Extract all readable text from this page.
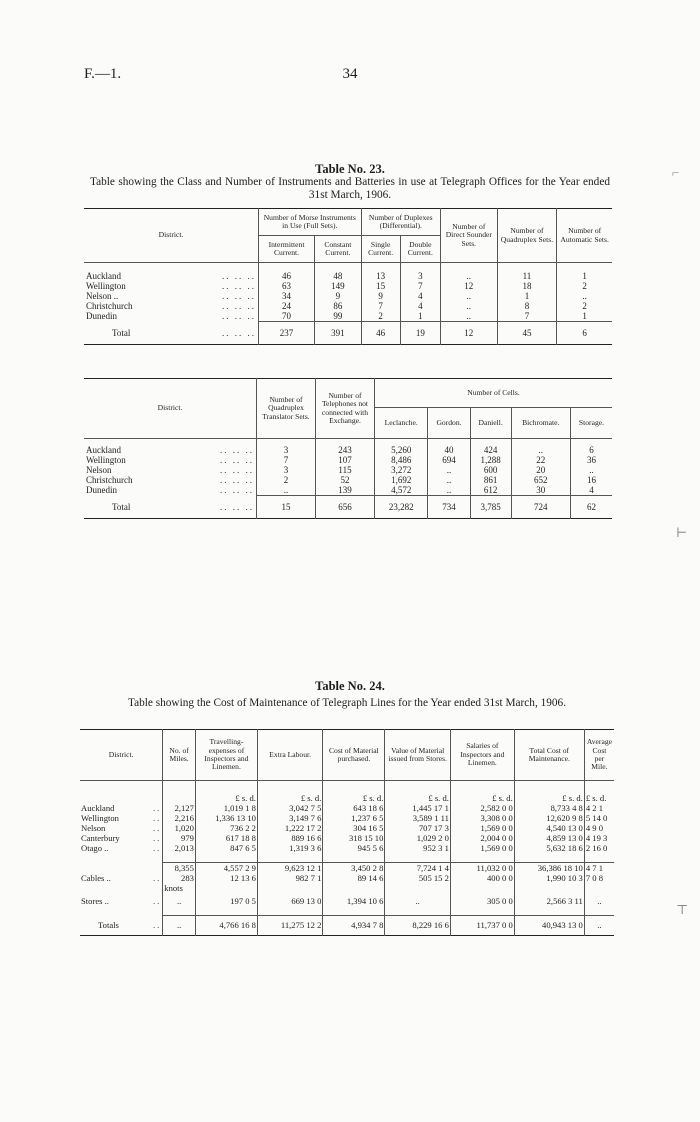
F.—1.	34
Table No. 23.
Table showing the Class and Number of Instruments and Batteries in use at Telegraph Offices for the Year ended 31st March, 1906.
District.	Number of Morse Instruments in Use (Full Sets).		Number of Duplexes (Differential).		Number of Direct Sounder Sets.	Number of Quadruplex Sets.	Number of Automatic Sets.
	Intermittent Current.	Constant Current.	Single Current.	Double Current.			

Auckland .. .. ..	46	48	13	3	..	11	1
Wellington .. .. ..	63	149	15	7	12	18	2
Nelson .. .. .. ..	34	9	9	4	..	1	..
Christchurch .. .. ..	24	86	7	4	..	8	2
Dunedin .. .. ..	70	99	2	1	..	7	1
Total .. .. ..	237	391	46	19	12	45	6
District.	Number of Quadruplex Translator Sets.	Number of Telephones not connected with Exchange.	Number of Cells.				
			Leclanche.	Gordon.	Daniell.	Bichromate.	Storage.

Auckland .. .. ..	3	243	5,260	40	424	..	6
Wellington .. .. ..	7	107	8,486	694	1,288	22	36
Nelson .. .. ..	3	115	3,272	..	600	20	..
Christchurch .. .. ..	2	52	1,692	..	861	652	16
Dunedin .. .. ..	..	139	4,572	..	612	30	4
Total .. .. ..	15	656	23,282	734	3,785	724	62
Table No. 24.
Table showing the Cost of Maintenance of Telegraph Lines for the Year ended 31st March, 1906.
District.	No. of Miles.	Travelling-expenses of Inspectors and Linemen.	Extra Labour.	Cost of Material purchased.	Value of Material issued from Stores.	Salaries of Inspectors and Linemen.	Total Cost of Maintenance.	Average Cost per Mile.
		£ s. d.	£ s. d.	£ s. d.	£ s. d.	£ s. d.	£ s. d.	£ s. d.
Auckland ..	2,127	1,019 1 8	3,042 7 5	643 18 6	1,445 17 1	2,582 0 0	8,733 4 8	4 2 1
Wellington ..	2,216	1,336 13 10	3,149 7 6	1,237 6 5	3,589 1 11	3,308 0 0	12,620 9 8	5 14 0
Nelson ..	1,020	736 2 2	1,222 17 2	304 16 5	707 17 3	1,569 0 0	4,540 13 0	4 9 0
Canterbury ..	979	617 18 8	889 16 6	318 15 10	1,029 2 0	2,004 0 0	4,859 13 0	4 19 3
Otago .. ..	2,013	847 6 5	1,319 3 6	945 5 6	952 3 1	1,569 0 0	5,632 18 6	2 16 0

	8,355	4,557 2 9	9,623 12 1	3,450 2 8	7,724 1 4	11,032 0 0	36,386 18 10	4 7 1
Cables .. ..	283	12 13 6	982 7 1	89 14 6	505 15 2	400 0 0	1,990 10 3	7 0 8
	knots							
Stores .. ..	..	197 0 5	669 13 0	1,394 10 6	..	305 0 0	2,566 3 11	..

Totals ..	..	4,766 16 8	11,275 12 2	4,934 7 8	8,229 16 6	11,737 0 0	40,943 13 0	..
⌐
⊢
⊤
